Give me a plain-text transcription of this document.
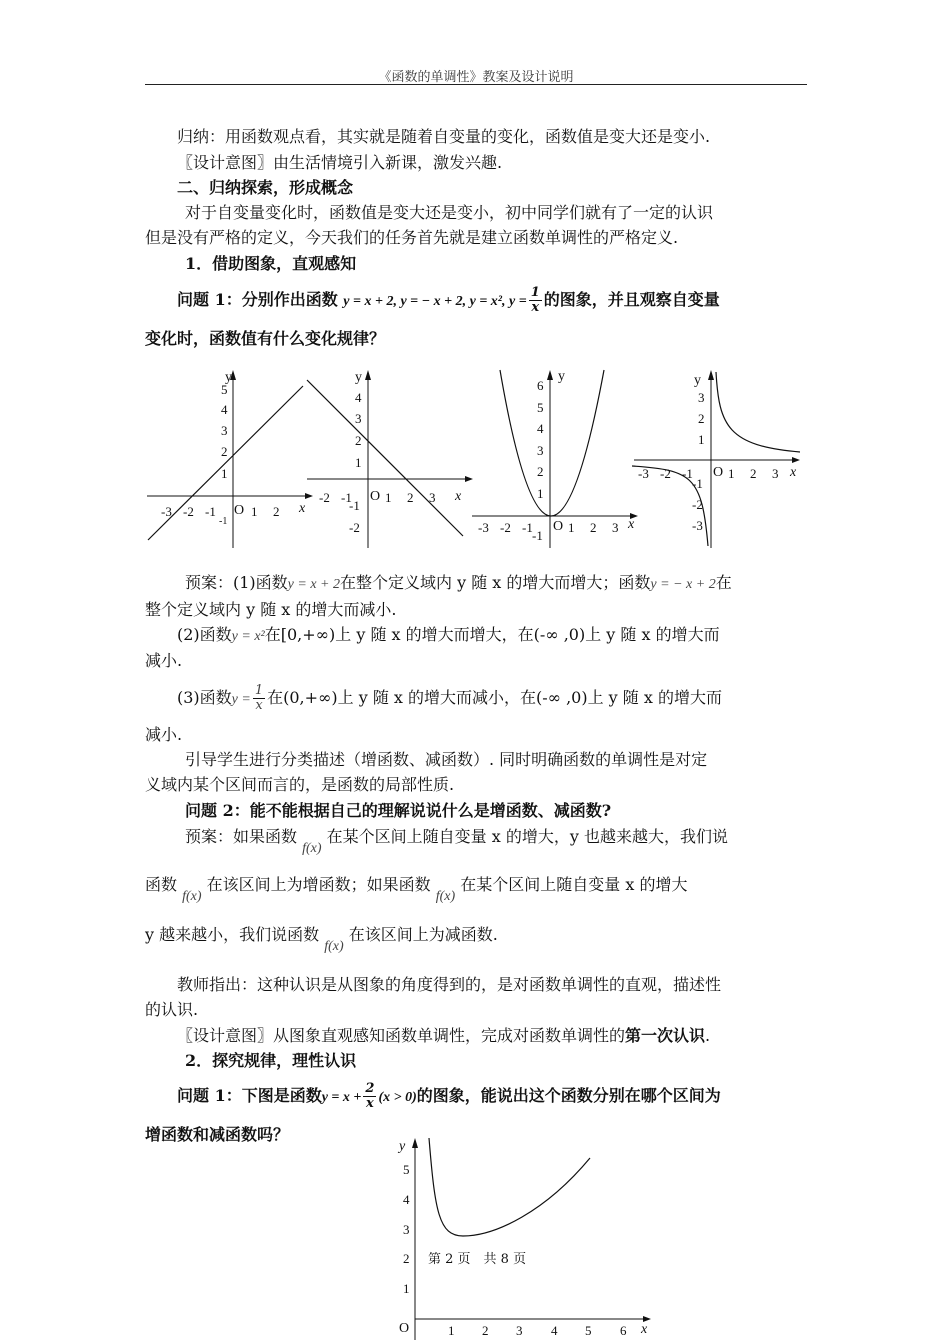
《函数的单调性》教案及设计说明
归纳：用函数观点看，其实就是随着自变量的变化，函数值是变大还是变小.
〖设计意图〗由生活情境引入新课，激发兴趣.
二、归纳探索，形成概念
对于自变量变化时，函数值是变大还是变小，初中同学们就有了一定的认识
但是没有严格的定义，今天我们的任务首先就是建立函数单调性的严格定义.
1．借助图象，直观感知
问题 1：分别作出函数 y = x + 2, y = − x + 2, y = x², $y = \frac{1}{x}$ 的图象，并且观察自变量
变化时，函数值有什么变化规律？
y
x
O
-3 -2 -1	1 2
1
2
3
4
5
-1
y
x
O
-2 -1	1 2 3
1
2
3
4
-1
-2
y
x
O
-3 -2 -1	1 2 3
1
2
3
4
5
6
-1
y
x
O
-3 -2 -1	1 2 3
1
2
3
-1
-2
-3
预案：(1)函数y = x + 2在整个定义域内 y 随 x 的增大而增大；函数y = − x + 2在
整个定义域内 y 随 x 的增大而减小.
(2)函数y = x²在[0,+∞)上 y 随 x 的增大而增大，在(-∞ ,0)上 y 随 x 的增大而
减小.
(3)函数$y = \frac{1}{x}$ 在(0,+∞)上 y 随 x 的增大而减小，在(-∞ ,0)上 y 随 x 的增大而
减小.
引导学生进行分类描述（增函数、减函数）. 同时明确函数的单调性是对定
义域内某个区间而言的，是函数的局部性质.
问题 2：能不能根据自己的理解说说什么是增函数、减函数?
预案：如果函数 f(x) 在某个区间上随自变量 x 的增大，y 也越来越大，我们说
函数 f(x) 在该区间上为增函数；如果函数 f(x) 在某个区间上随自变量 x 的增大
y 越来越小，我们说函数 f(x) 在该区间上为减函数.
教师指出：这种认识是从图象的角度得到的，是对函数单调性的直观，描述性
的认识.
〖设计意图〗从图象直观感知函数单调性，完成对函数单调性的第一次认识.
2．探究规律，理性认识
问题 1：下图是函数$y = x + \frac{2}{x} (x > 0)$的图象，能说出这个函数分别在哪个区间为
增函数和减函数吗？
y
x
O	1 2 3 4 5 6
1
2
3
4
5
第 2 页　共 8 页
